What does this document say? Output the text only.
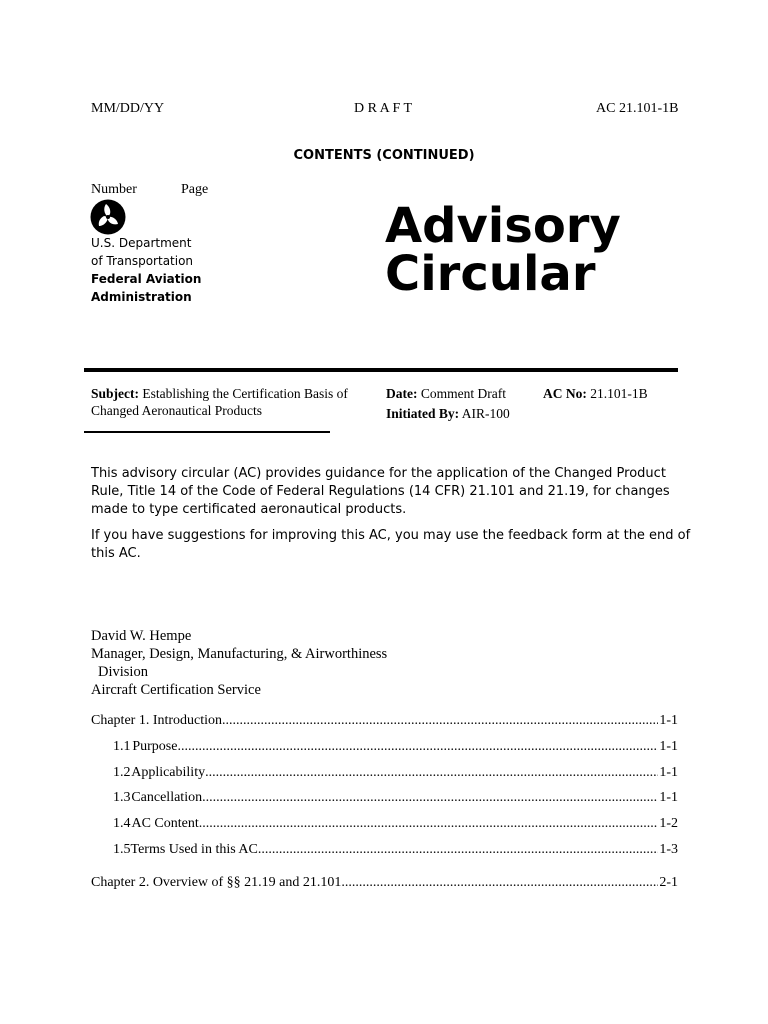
MM/DD/YY	D R A F T	AC 21.101-1B
CONTENTS (CONTINUED)
Number	Page
U.S. Department
of Transportation
Federal Aviation
Administration
Advisory
Circular
Subject: Establishing the Certification Basis of
Changed Aeronautical Products
Date: Comment Draft
Initiated By: AIR-100
AC No: 21.101-1B
This advisory circular (AC) provides guidance for the application of the Changed Product Rule, Title 14 of the Code of Federal Regulations (14 CFR) 21.101 and 21.19, for changes made to type certificated aeronautical products.
If you have suggestions for improving this AC, you may use the feedback form at the end of this AC.
David W. Hempe
Manager, Design, Manufacturing, & Airworthiness
Division
Aircraft Certification Service
Chapter 1. Introduction .....	1-1
1.1 Purpose .....	1-1
1.2 Applicability .....	1-1
1.3 Cancellation .....	1-1
1.4 AC Content .....	1-2
1.5 Terms Used in this AC .....	1-3
Chapter 2. Overview of §§ 21.19 and 21.101 .....	2-1
